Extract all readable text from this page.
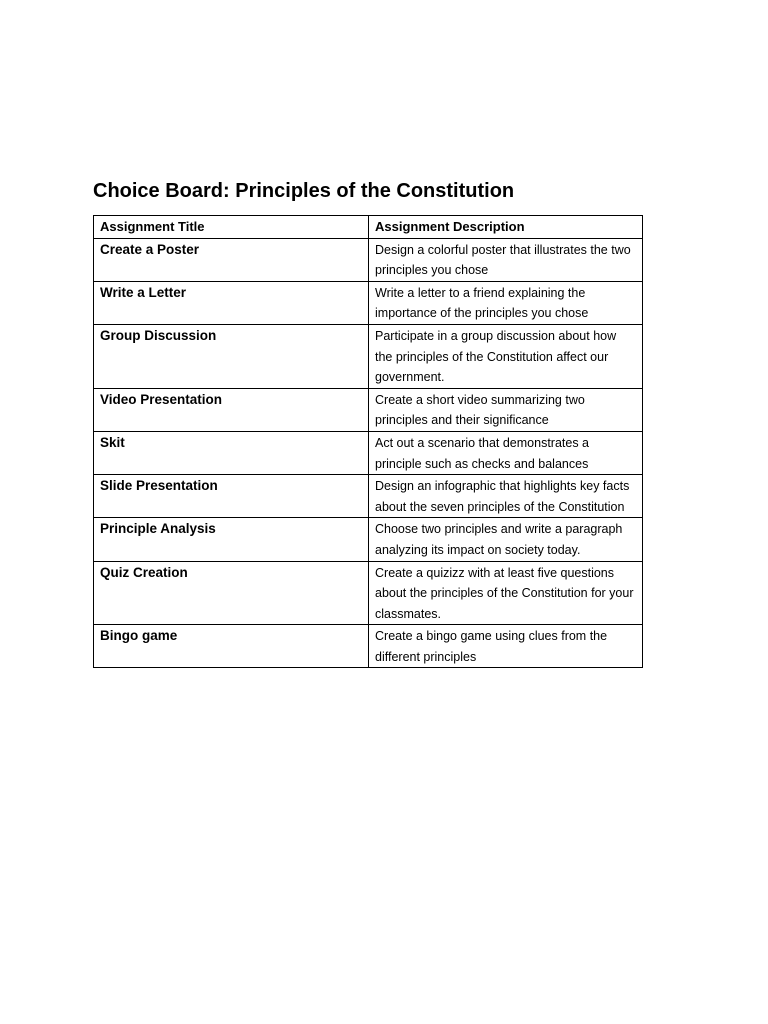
Choice Board: Principles of the Constitution
Assignment Title	Assignment Description
Create a Poster	Design a colorful poster that illustrates the two principles you chose
Write a Letter	Write a letter to a friend explaining the importance of the principles you chose
Group Discussion	Participate in a group discussion about how the principles of the Constitution affect our government.
Video Presentation	Create a short video summarizing two principles and their significance
Skit	Act out a scenario that demonstrates a principle such as checks and balances
Slide Presentation	Design an infographic that highlights key facts about the seven principles of the Constitution
Principle Analysis	Choose two principles and write a paragraph analyzing its impact on society today.
Quiz Creation	Create a quizizz with at least five questions about the principles of the Constitution for your classmates.
Bingo game	Create a bingo game using clues from the different principles
